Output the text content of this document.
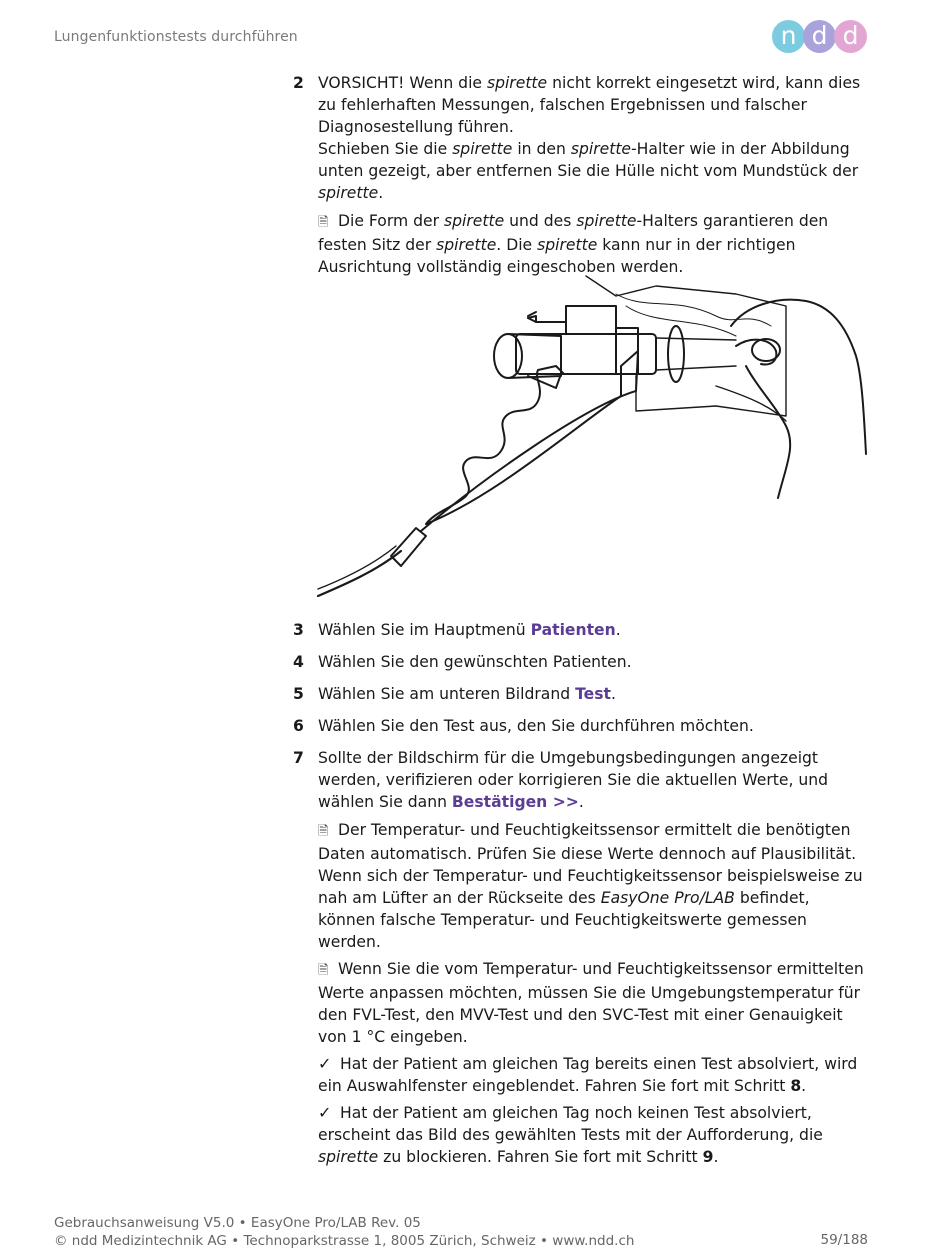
Lungenfunktionstests durchführen	n d d
2 VORSICHT! Wenn die spirette nicht korrekt eingesetzt wird, kann dies zu fehlerhaften Messungen, falschen Ergebnissen und falscher Diagnosestellung führen.

Schieben Sie die spirette in den spirette-Halter wie in der Abbildung unten gezeigt, aber entfernen Sie die Hülle nicht vom Mundstück der spirette.

🗎 Die Form der spirette und des spirette-Halters garantieren den festen Sitz der spirette. Die spirette kann nur in der richtigen Ausrichtung vollständig eingeschoben werden.

3 Wählen Sie im Hauptmenü Patienten.

4 Wählen Sie den gewünschten Patienten.

5 Wählen Sie am unteren Bildrand Test.

6 Wählen Sie den Test aus, den Sie durchführen möchten.

7 Sollte der Bildschirm für die Umgebungsbedingungen angezeigt werden, verifizieren oder korrigieren Sie die aktuellen Werte, und wählen Sie dann Bestätigen >>.

🗎 Der Temperatur- und Feuchtigkeitssensor ermittelt die benötigten Daten automatisch. Prüfen Sie diese Werte dennoch auf Plausibilität. Wenn sich der Temperatur- und Feuchtigkeitssensor beispielsweise zu nah am Lüfter an der Rückseite des EasyOne Pro/LAB befindet, können falsche Temperatur- und Feuchtigkeitswerte gemessen werden.

🗎 Wenn Sie die vom Temperatur- und Feuchtigkeitssensor ermittelten Werte anpassen möchten, müssen Sie die Umgebungstemperatur für den FVL-Test, den MVV-Test und den SVC-Test mit einer Genauigkeit von 1 °C eingeben.

✓ Hat der Patient am gleichen Tag bereits einen Test absolviert, wird ein Auswahlfenster eingeblendet. Fahren Sie fort mit Schritt 8.

✓ Hat der Patient am gleichen Tag noch keinen Test absolviert, erscheint das Bild des gewählten Tests mit der Aufforderung, die spirette zu blockieren. Fahren Sie fort mit Schritt 9.

Gebrauchsanweisung V5.0 • EasyOne Pro/LAB Rev. 05
© ndd Medizintechnik AG • Technoparkstrasse 1, 8005 Zürich, Schweiz • www.ndd.ch	59/188
